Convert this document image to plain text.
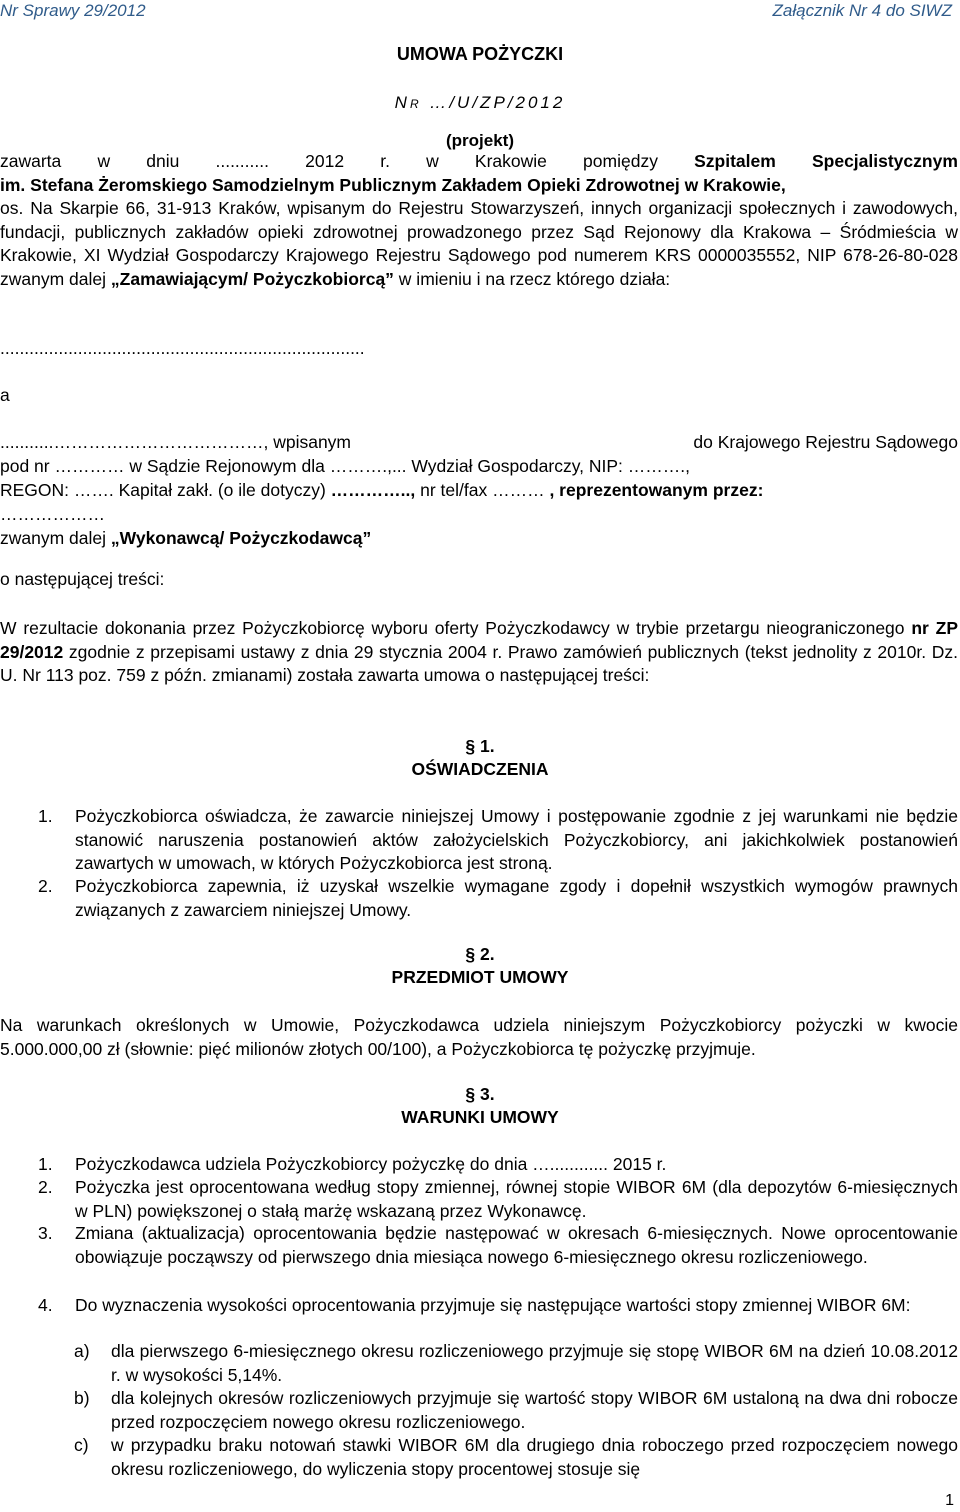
Nr Sprawy 29/2012	Załącznik Nr 4 do SIWZ
UMOWA POŻYCZKI
NR …/U/ZP/2012
(projekt)
zawarta w dniu ........... 2012 r. w Krakowie pomiędzy Szpitalem Specjalistycznym
im. Stefana Żeromskiego Samodzielnym Publicznym Zakładem Opieki Zdrowotnej w Krakowie,
os. Na Skarpie 66, 31-913 Kraków, wpisanym do Rejestru Stowarzyszeń, innych organizacji społecznych i zawodowych, fundacji, publicznych zakładów opieki zdrowotnej prowadzonego przez Sąd Rejonowy dla Krakowa – Śródmieścia w Krakowie, XI Wydział Gospodarczy Krajowego Rejestru Sądowego pod numerem KRS 0000035552, NIP 678-26-80-028 zwanym dalej „Zamawiającym/ Pożyczkobiorcą” w imieniu i na rzecz którego działa:
...........................................................................
a
...........………………………………, wpisanym	do Krajowego Rejestru Sądowego
pod nr ………… w Sądzie Rejonowym dla ……….,... Wydział Gospodarczy, NIP: ……….,
REGON: ……. Kapitał zakł. (o ile dotyczy) ………….., nr tel/fax ……… , reprezentowanym przez:
………………
zwanym dalej „Wykonawcą/ Pożyczkodawcą”
o następującej treści:
W rezultacie dokonania przez Pożyczkobiorcę wyboru oferty Pożyczkodawcy w trybie przetargu nieograniczonego nr ZP 29/2012 zgodnie z przepisami ustawy z dnia 29 stycznia 2004 r. Prawo zamówień publicznych (tekst jednolity z 2010r. Dz. U. Nr 113 poz. 759 z późn. zmianami) została zawarta umowa o następującej treści:
§ 1.
OŚWIADCZENIA
1. Pożyczkobiorca oświadcza, że zawarcie niniejszej Umowy i postępowanie zgodnie z jej warunkami nie będzie stanowić naruszenia postanowień aktów założycielskich Pożyczkobiorcy, ani jakichkolwiek postanowień zawartych w umowach, w których Pożyczkobiorca jest stroną.
2. Pożyczkobiorca zapewnia, iż uzyskał wszelkie wymagane zgody i dopełnił wszystkich wymogów prawnych związanych z zawarciem niniejszej Umowy.
§ 2.
PRZEDMIOT UMOWY
Na warunkach określonych w Umowie, Pożyczkodawca udziela niniejszym Pożyczkobiorcy pożyczki w kwocie 5.000.000,00 zł (słownie: pięć milionów złotych 00/100), a Pożyczkobiorca tę pożyczkę przyjmuje.
§ 3.
WARUNKI UMOWY
1. Pożyczkodawca udziela Pożyczkobiorcy pożyczkę do dnia …............ 2015 r.
2. Pożyczka jest oprocentowana według stopy zmiennej, równej stopie WIBOR 6M (dla depozytów 6-miesięcznych w PLN) powiększonej o stałą marżę wskazaną przez Wykonawcę.
3. Zmiana (aktualizacja) oprocentowania będzie następować w okresach 6-miesięcznych. Nowe oprocentowanie obowiązuje począwszy od pierwszego dnia miesiąca nowego 6-miesięcznego okresu rozliczeniowego.
4. Do wyznaczenia wysokości oprocentowania przyjmuje się następujące wartości stopy zmiennej WIBOR 6M:
a) dla pierwszego 6-miesięcznego okresu rozliczeniowego przyjmuje się stopę WIBOR 6M na dzień 10.08.2012 r. w wysokości 5,14%.
b) dla kolejnych okresów rozliczeniowych przyjmuje się wartość stopy WIBOR 6M ustaloną na dwa dni robocze przed rozpoczęciem nowego okresu rozliczeniowego.
c) w przypadku braku notowań stawki WIBOR 6M dla drugiego dnia roboczego przed rozpoczęciem nowego okresu rozliczeniowego, do wyliczenia stopy procentowej stosuje się
1
